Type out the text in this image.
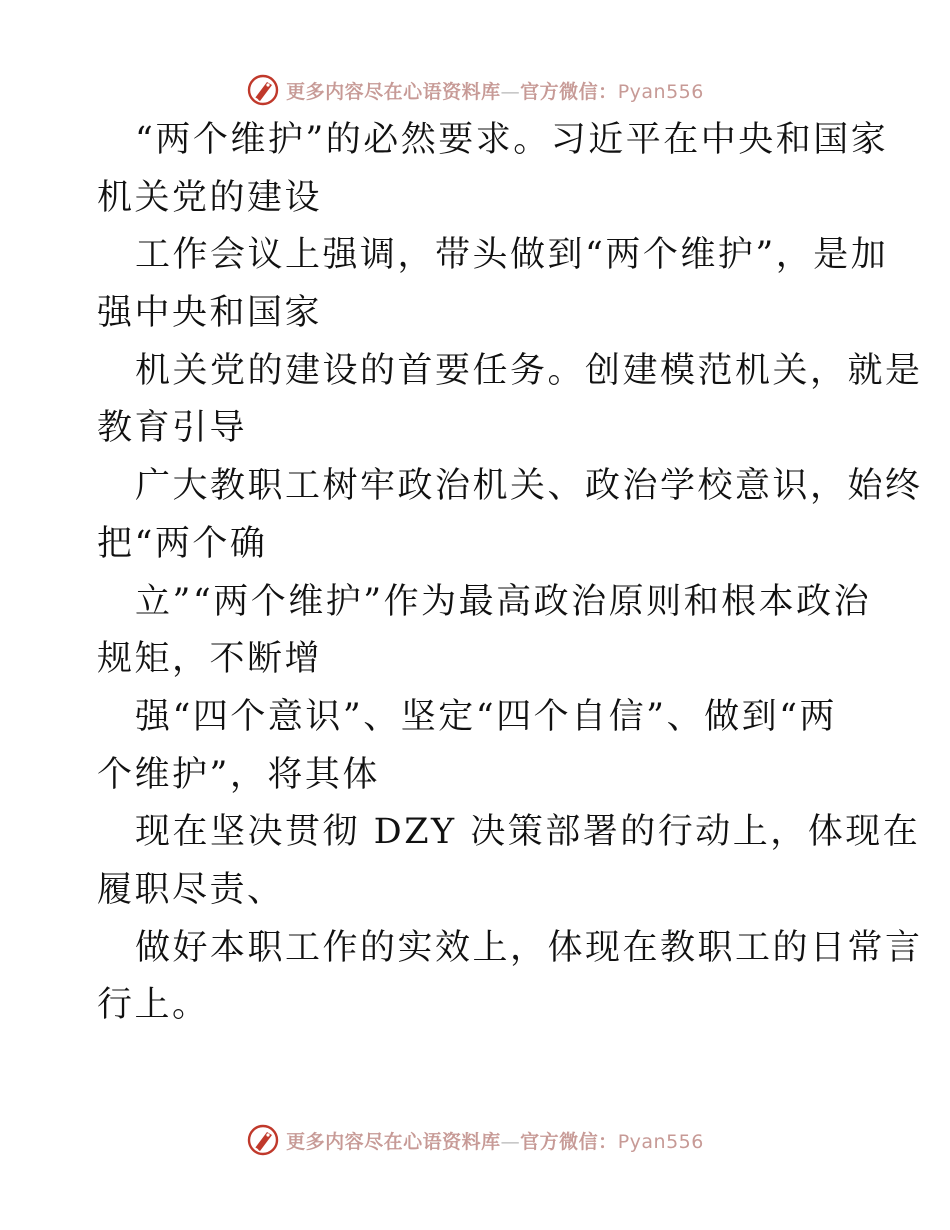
更多内容尽在心语资料库—官方微信：Pyan556
“两个维护”的必然要求。习近平在中央和国家
机关党的建设
工作会议上强调，带头做到“两个维护”，是加
强中央和国家
机关党的建设的首要任务。创建模范机关，就是
教育引导
广大教职工树牢政治机关、政治学校意识，始终
把“两个确
立”“两个维护”作为最高政治原则和根本政治
规矩，不断增
强“四个意识”、坚定“四个自信”、做到“两
个维护”，将其体
现在坚决贯彻 DZY 决策部署的行动上，体现在
履职尽责、
做好本职工作的实效上，体现在教职工的日常言
行上。
更多内容尽在心语资料库—官方微信：Pyan556
